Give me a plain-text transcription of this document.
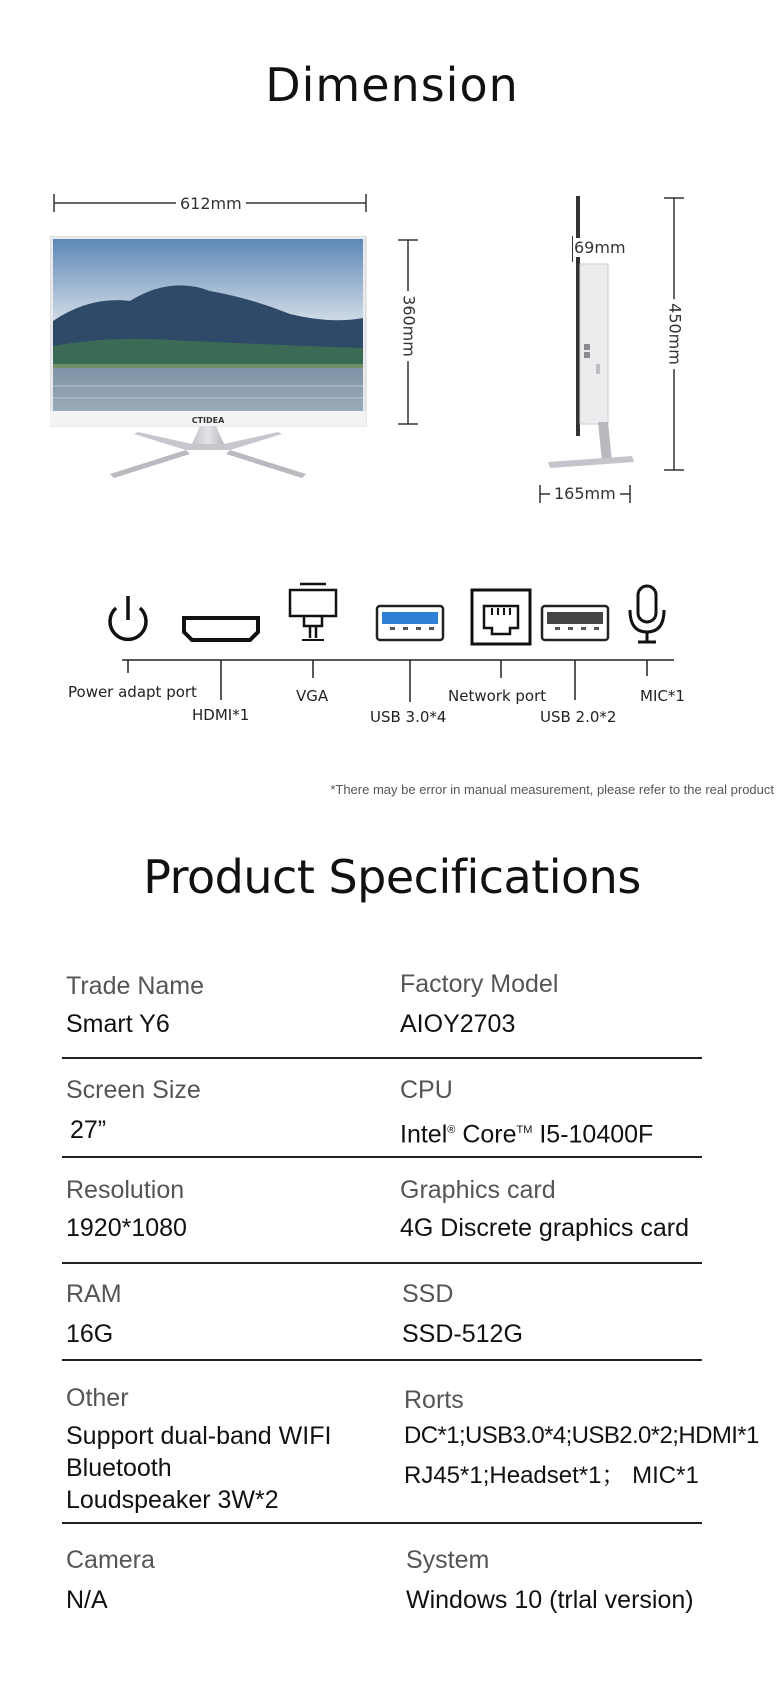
Dimension
612mm
CTIDEA
360mm
69mm
450mm
165mm
Power adapt port
HDMI*1
VGA
USB 3.0*4
Network port
USB 2.0*2
MIC*1
*There may be error in manual measurement, please refer to the real product
Product Specifications
Trade Name
Smart Y6
Factory Model
AIOY2703
Screen Size
27”
CPU
Intel® Core™ I5-10400F
Resolution
1920*1080
Graphics card
4G Discrete graphics card
RAM
16G
SSD
SSD-512G
Other
Support dual-band WIFI
Bluetooth
Loudspeaker 3W*2
Rorts
DC*1;USB3.0*4;USB2.0*2;HDMI*1
RJ45*1;Headset*1； MIC*1
Camera
N/A
System
Windows 10 (trlal version)
